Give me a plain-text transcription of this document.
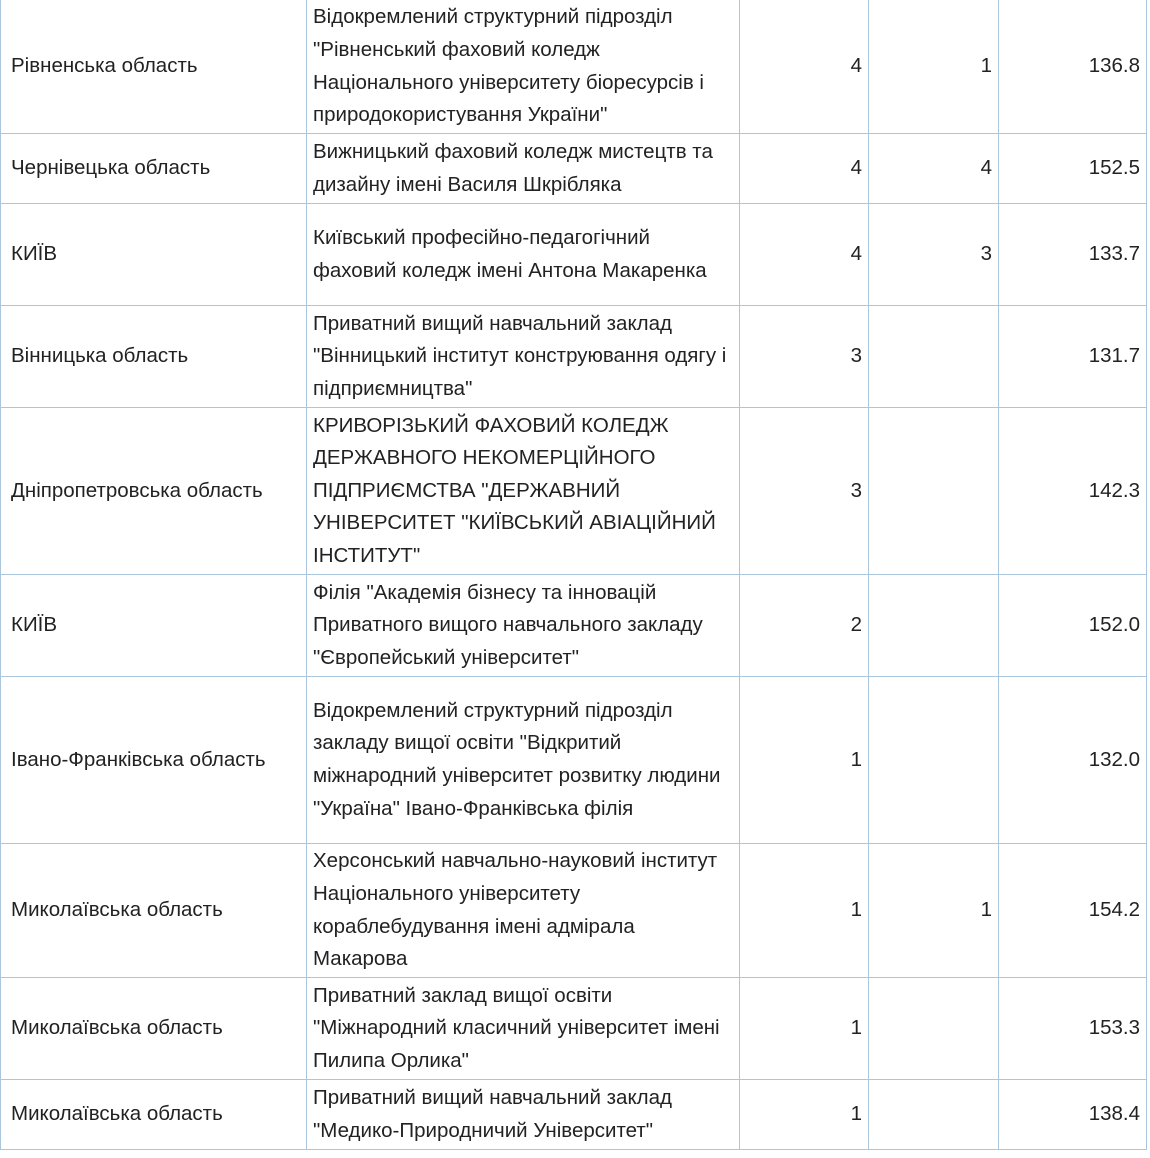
Рівненська область	Відокремлений структурний підрозділ "Рівненський фаховий коледж Національного університету біоресурсів і природокористування України"	4	1	136.8
Чернівецька область	Вижницький фаховий коледж мистецтв та дизайну імені Василя Шкрібляка	4	4	152.5
КИЇВ	Київський професійно-педагогічний фаховий коледж імені Антона Макаренка	4	3	133.7
Вінницька область	Приватний вищий навчальний заклад "Вінницький інститут конструювання одягу і підприємництва"	3		131.7
Дніпропетровська область	КРИВОРІЗЬКИЙ ФАХОВИЙ КОЛЕДЖ ДЕРЖАВНОГО НЕКОМЕРЦІЙНОГО ПІДПРИЄМСТВА "ДЕРЖАВНИЙ УНІВЕРСИТЕТ "КИЇВСЬКИЙ АВІАЦІЙНИЙ ІНСТИТУТ"	3		142.3
КИЇВ	Філія "Академія бізнесу та інновацій Приватного вищого навчального закладу "Європейський університет"	2		152.0
Івано-Франківська область	Відокремлений структурний підрозділ закладу вищої освіти "Відкритий міжнародний університет розвитку людини "Україна" Івано-Франківська філія	1		132.0
Миколаївська область	Херсонський навчально-науковий інститут Національного університету кораблебудування імені адмірала Макарова	1	1	154.2
Миколаївська область	Приватний заклад вищої освіти "Міжнародний класичний університет імені Пилипа Орлика"	1		153.3
Миколаївська область	Приватний вищий навчальний заклад "Медико-Природничий Університет"	1		138.4
